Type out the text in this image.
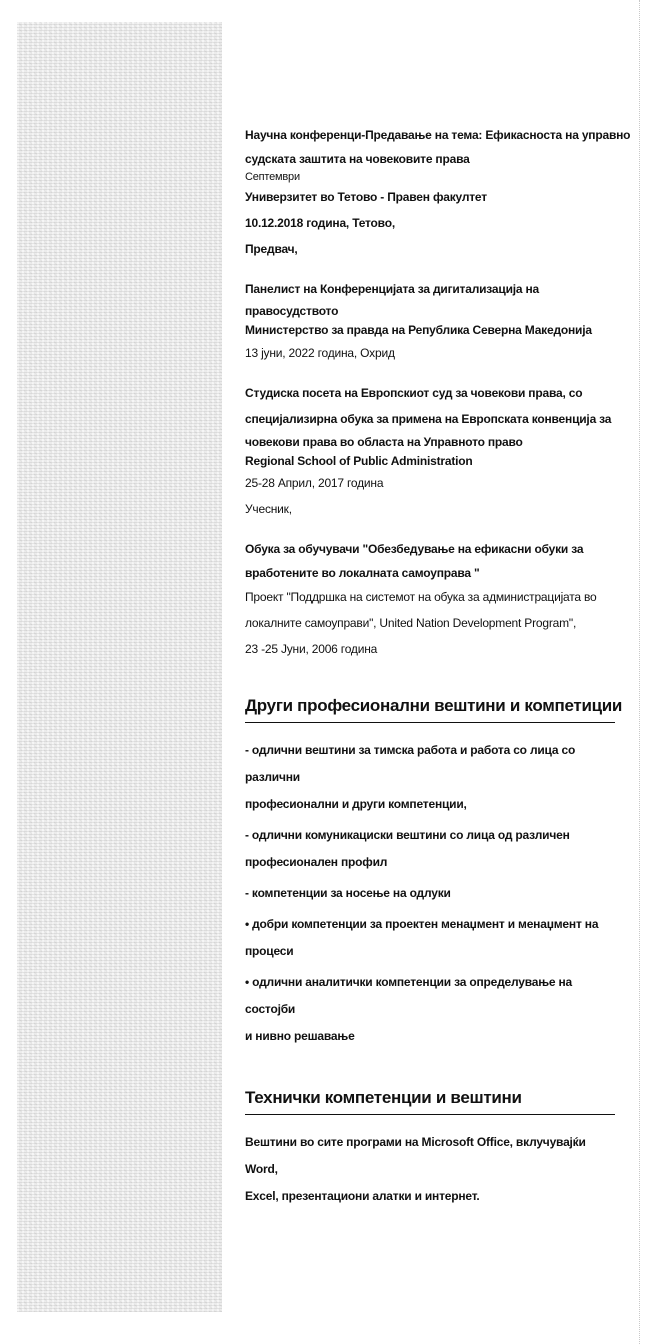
Научна конференци-Предавање на тема: Ефикасноста на управно
судската заштита на човековите права
Септември
Универзитет во Тетово - Правен факултет
10.12.2018 година, Тетово,
Предвач,
Панелист на Конференцијата за дигитализација на
правосудството
Министерство за правда на Република Северна Македонија
13 јуни, 2022 година, Охрид
Студиска посета на Европскиот суд за човекови права, со
специјализирна обука за примена на Европската конвенција за
човекови права во областа на Управното право
Regional School of Public Administration
25-28 Април, 2017 година
Учесник,
Обука за обучувачи "Обезбедување на ефикасни обуки за
вработените во локалната самоуправа "
Проект "Поддршка на системот на обука за администрацијата во
локалните самоуправи", United Nation Development Program",
23 -25 Јуни, 2006 година
Други професионални вештини и компетиции
- одлични вештини за тимска работа и работа со лица со различни
професионални и други компетенции,
- одлични комуникациски вештини со лица од различен
професионален профил
- компетенции за носење на одлуки
• добри компетенции за проектен менаџмент и менаџмент на
процеси
• одлични аналитички компетенции за определување на состојби
и нивно решавање
Технички компетенции и вештини
Вештини во сите програми на Microsoft Office, вклучувајќи Word,
Excel, презентациони алатки и интернет.
